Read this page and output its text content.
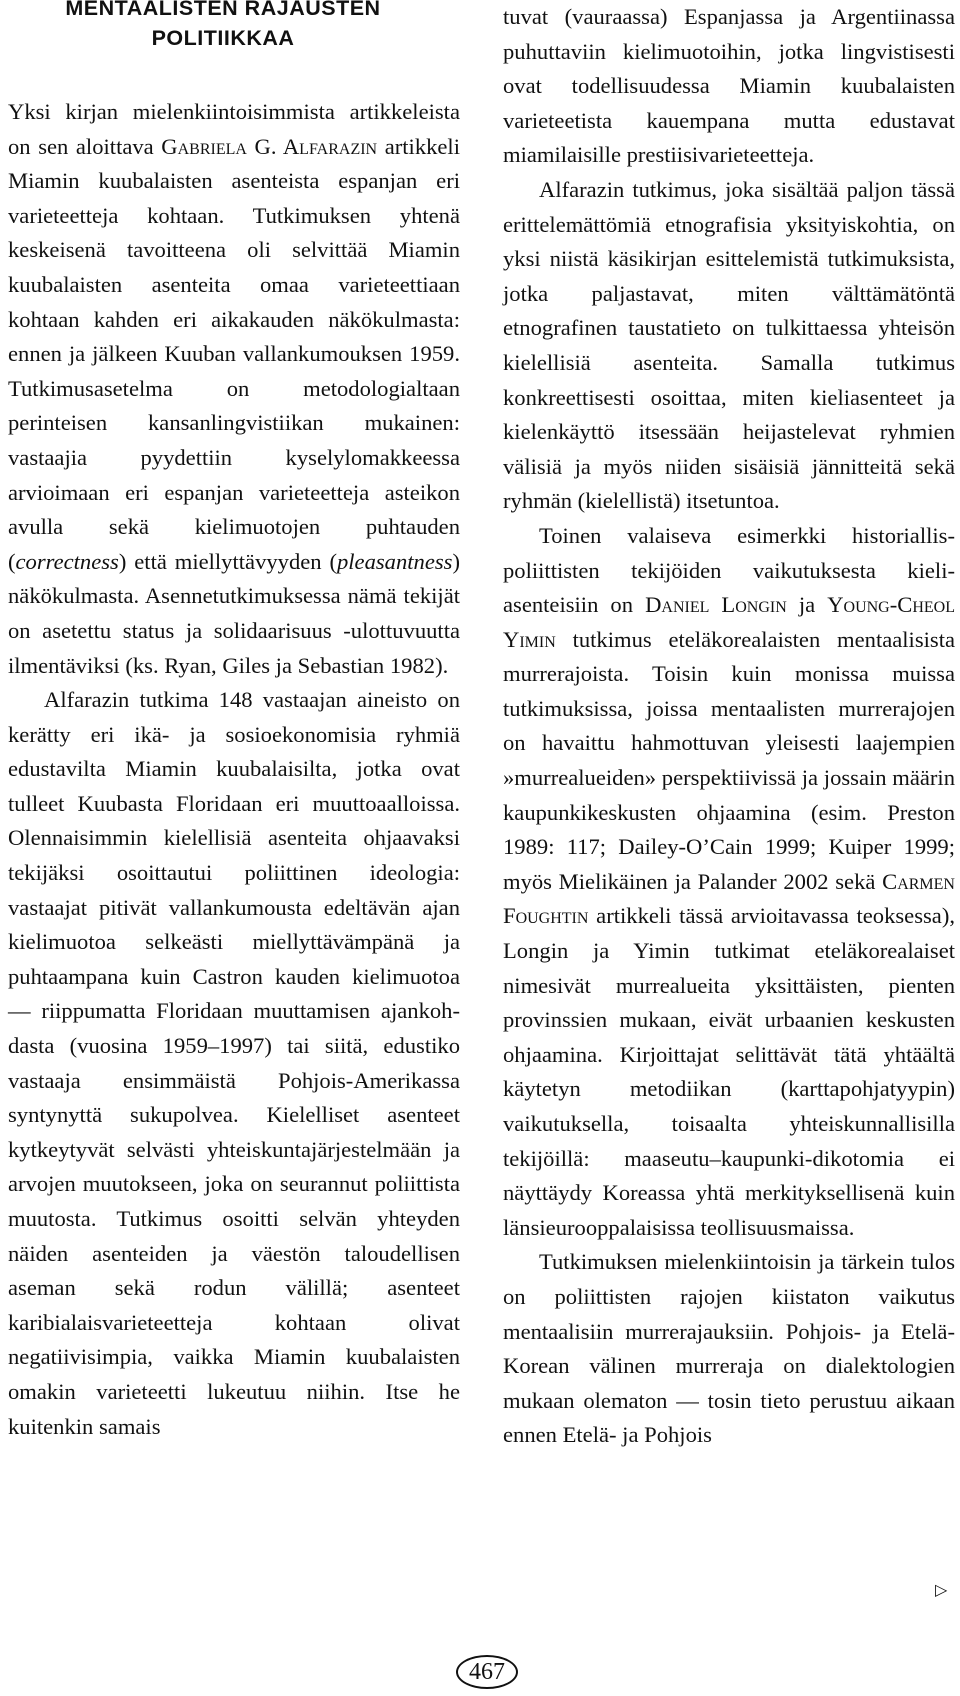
MENTAALISTEN RAJAUSTEN POLITIIKKAA

Yksi kirjan mielenkiintoisimmista artikkeleista on sen aloittava Gabriela G. Alfarazin artikkeli Miamin kuubalaisten asenteista espanjan eri varieteetteja kohtaan. Tutkimuksen yhtenä keskeisenä tavoitteena oli selvittää Miamin kuubalaisten asenteita omaa varieteettiaan kohtaan kahden eri aikakauden näkökulmasta: ennen ja jälkeen Kuuban vallankumouksen 1959. Tutkimusasetelma on metodologialtaan perinteisen kansanlingvistiikan mukainen: vastaajia pyydettiin kyselylomakkeessa arvioimaan eri espanjan varieteetteja asteikon avulla sekä kielimuotojen puhtauden (correctness) että miellyttävyyden (pleasantness) näkökulmasta. Asennetutkimuksessa nämä tekijät on asetettu status ja solidaarisuus -ulottuvuutta ilmentäviksi (ks. Ryan, Giles ja Sebastian 1982).

Alfarazin tutkima 148 vastaajan aineisto on kerätty eri ikä- ja sosioekonomisia ryhmiä edustavilta Miamin kuubalaisilta, jotka ovat tulleet Kuubasta Floridaan eri muuttoaalloissa. Olennaisimmin kielellisiä asenteita ohjaavaksi tekijäksi osoittautui poliittinen ideologia: vastaajat pitivät vallankumousta edeltävän ajan kielimuotoa selkeästi miellyttävämpänä ja puhtaampana kuin Castron kauden kielimuotoa — riippumatta Floridaan muuttamisen ajankohdasta (vuosina 1959–1997) tai siitä, edustiko vastaaja ensimmäistä Pohjois-Amerikassa syntynyttä sukupolvea. Kielelliset asenteet kytkeytyvät selvästi yhteiskuntajärjestelmään ja arvojen muutokseen, joka on seurannut poliittista muutosta. Tutkimus osoitti selvän yhteyden näiden asenteiden ja väestön taloudellisen aseman sekä rodun välillä; asenteet karibialaisvarieteetteja kohtaan olivat negatiivisimpia, vaikka Miamin kuubalaisten omakin varieteetti lukeutuu niihin. Itse he kuitenkin samais

tuvat (vauraassa) Espanjassa ja Argentiinassa puhuttaviin kielimuotoihin, jotka lingvistisesti ovat todellisuudessa Miamin kuubalaisten varieteetista kauempana mutta edustavat miamilaisille prestiisivarieteetteja.

Alfarazin tutkimus, joka sisältää paljon tässä erittelemättömiä etnografisia yksityiskohtia, on yksi niistä käsikirjan esittelemistä tutkimuksista, jotka paljastavat, miten välttämätöntä etnografinen taustatieto on tulkittaessa yhteisön kielellisiä asenteita. Samalla tutkimus konkreettisesti osoittaa, miten kieliasenteet ja kielenkäyttö itsessään heijastelevat ryhmien välisiä ja myös niiden sisäisiä jännitteitä sekä ryhmän (kielellistä) itsetuntoa.

Toinen valaiseva esimerkki historiallispoliittisten tekijöiden vaikutuksesta kieliasenteisiin on Daniel Longin ja Young-Cheol Yimin tutkimus eteläkorealaisten mentaalisista murrerajoista. Toisin kuin monissa muissa tutkimuksissa, joissa mentaalisten murrerajojen on havaittu hahmottuvan yleisesti laajempien »murrealueiden» perspektiivissä ja jossain määrin kaupunkikeskusten ohjaamina (esim. Preston 1989: 117; Dailey-O’Cain 1999; Kuiper 1999; myös Mielikäinen ja Palander 2002 sekä Carmen Foughtin artikkeli tässä arvioitavassa teoksessa), Longin ja Yimin tutkimat eteläkorealaiset nimesivät murrealueita yksittäisten, pienten provinssien mukaan, eivät urbaanien keskusten ohjaamina. Kirjoittajat selittävät tätä yhtäältä käytetyn metodiikan (karttapohjatyypin) vaikutuksella, toisaalta yhteiskunnallisilla tekijöillä: maaseutu–kaupunki-dikotomia ei näyttäydy Koreassa yhtä merkityksellisenä kuin länsieurooppalaisissa teollisuusmaissa.

Tutkimuksen mielenkiintoisin ja tärkein tulos on poliittisten rajojen kiistaton vaikutus mentaalisiin murrerajauksiin. Pohjois- ja Etelä-Korean välinen murreraja on dialektologien mukaan olematon — tosin tieto perustuu aikaan ennen Etelä- ja Pohjois

▷
467
